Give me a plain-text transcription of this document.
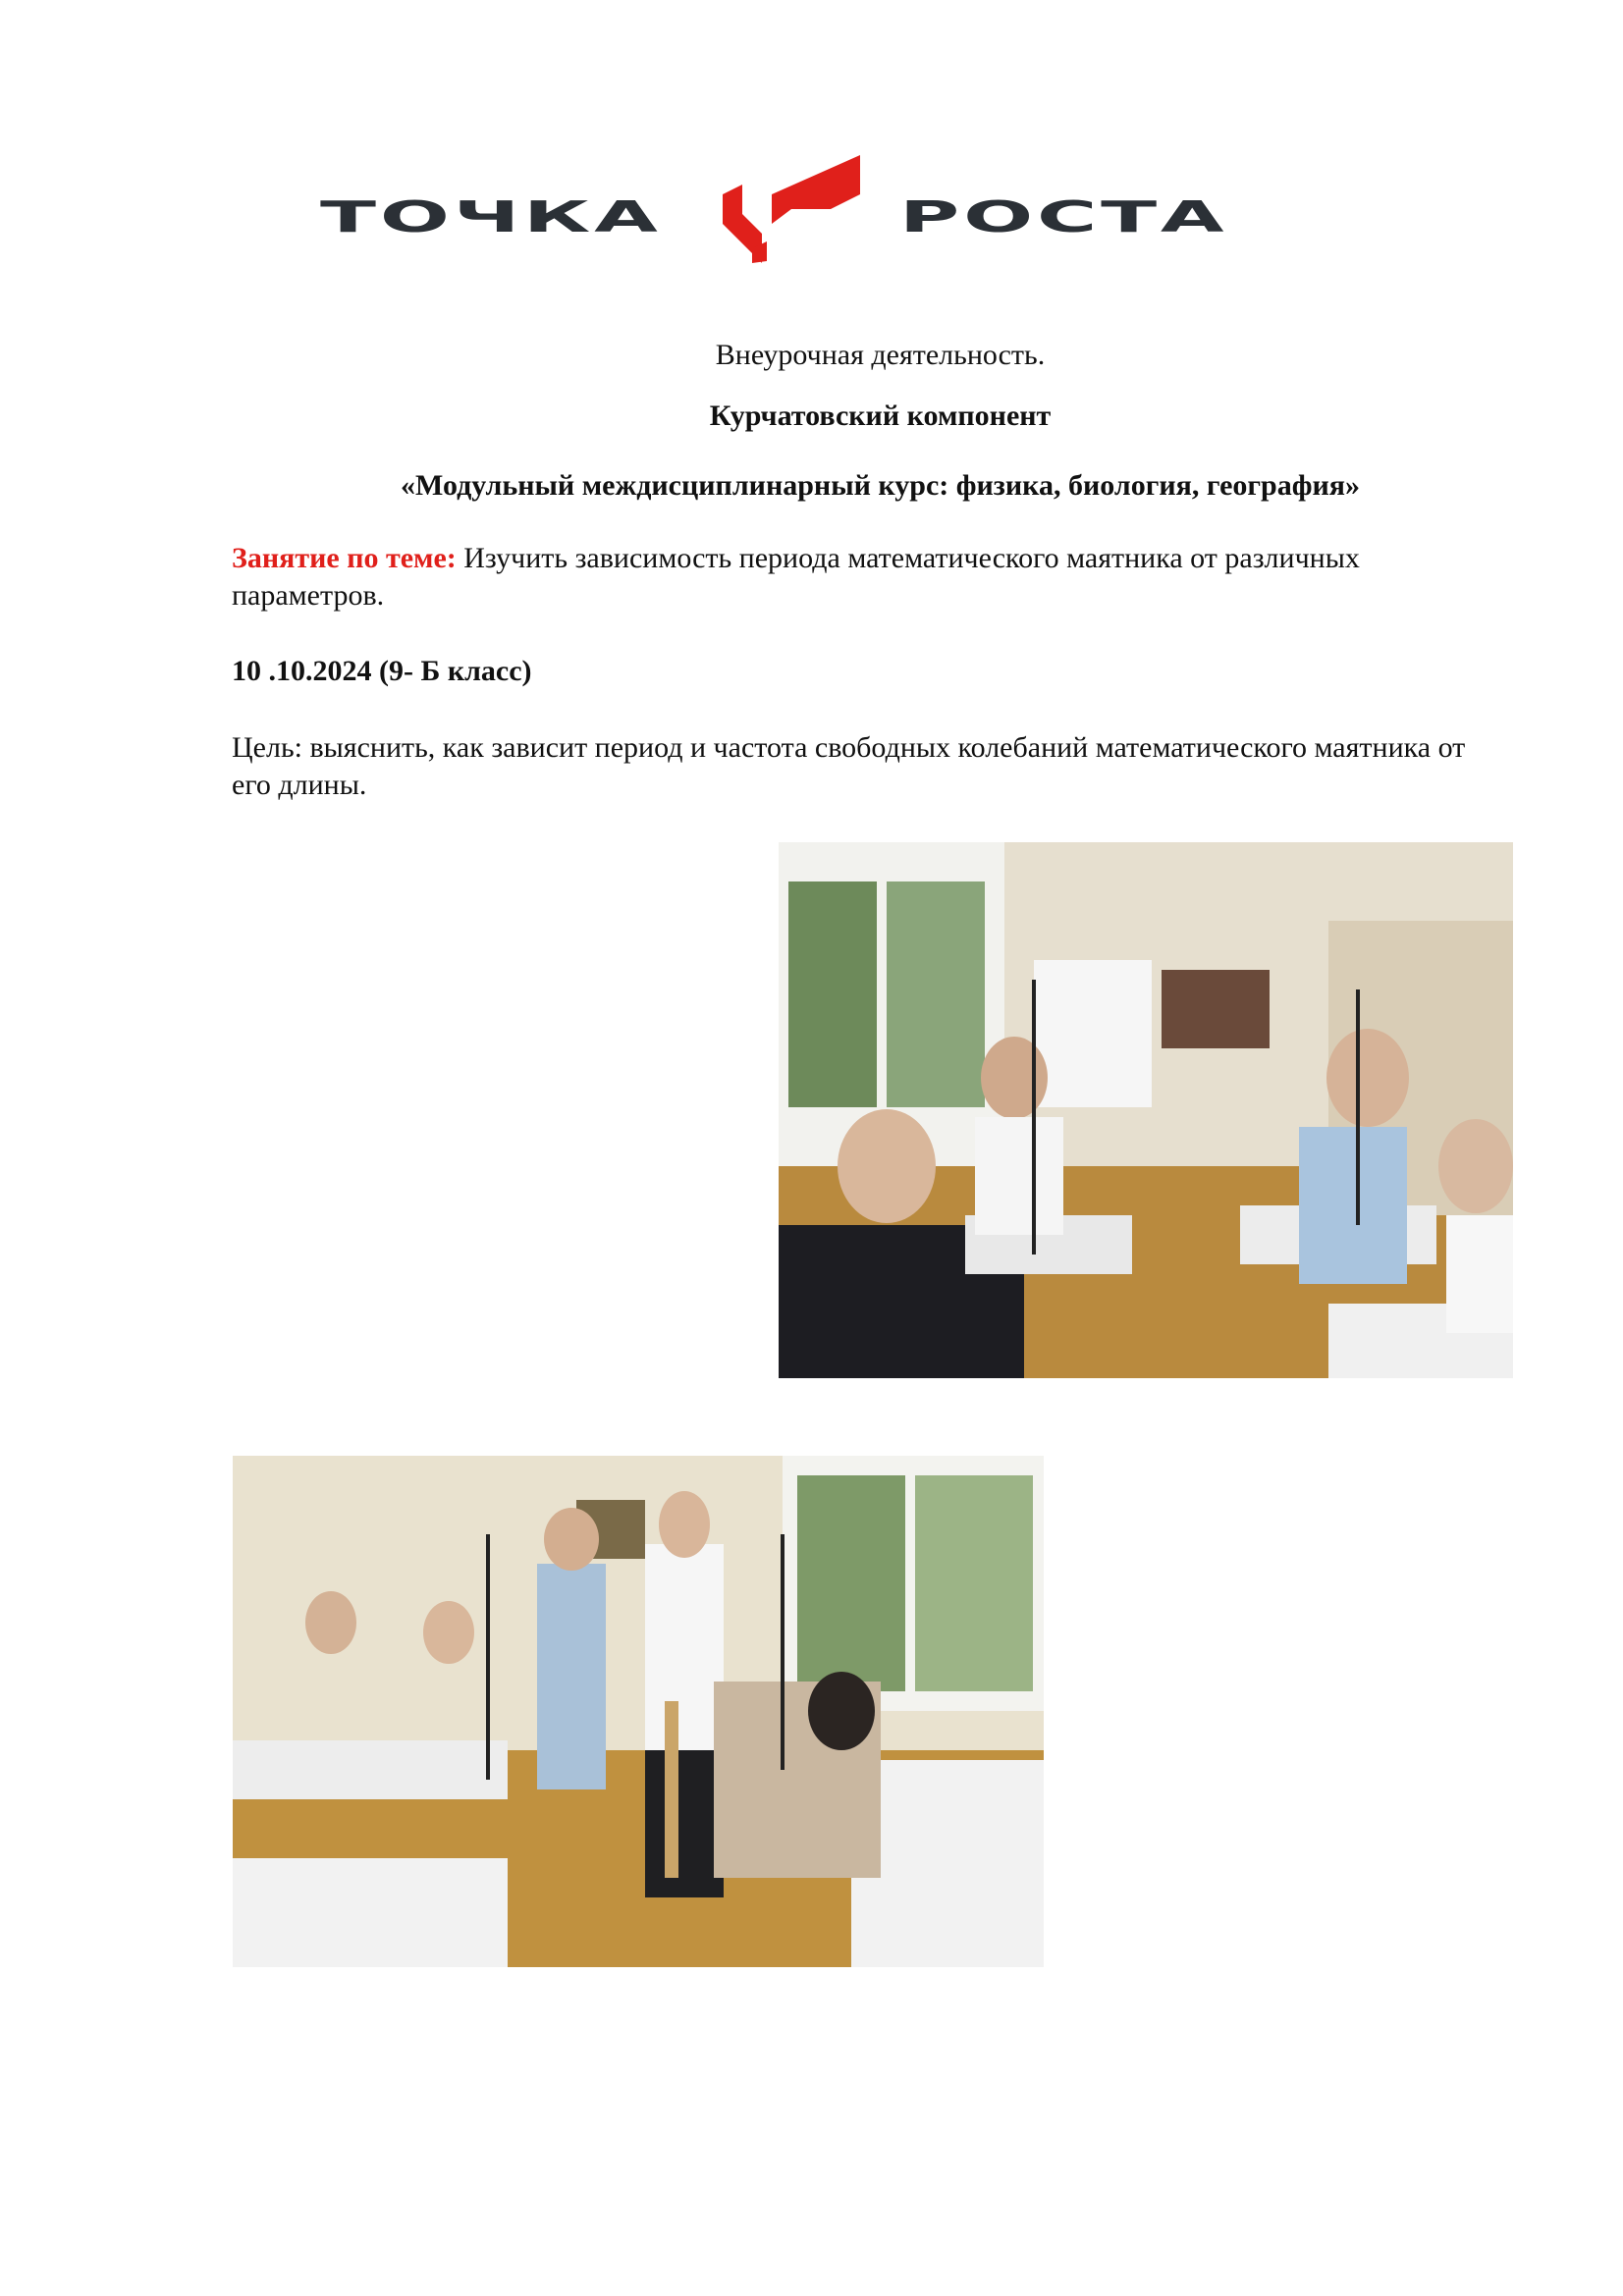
ТОЧКА	РОСТА
Внеурочная деятельность.
Курчатовский компонент
«Модульный междисциплинарный курс: физика, биология, география»
Занятие по теме: Изучить зависимость периода математического маятника от различных параметров.
10 .10.2024 (9- Б класс)
Цель: выяснить, как зависит период и частота свободных колебаний математического маятника от его длины.
